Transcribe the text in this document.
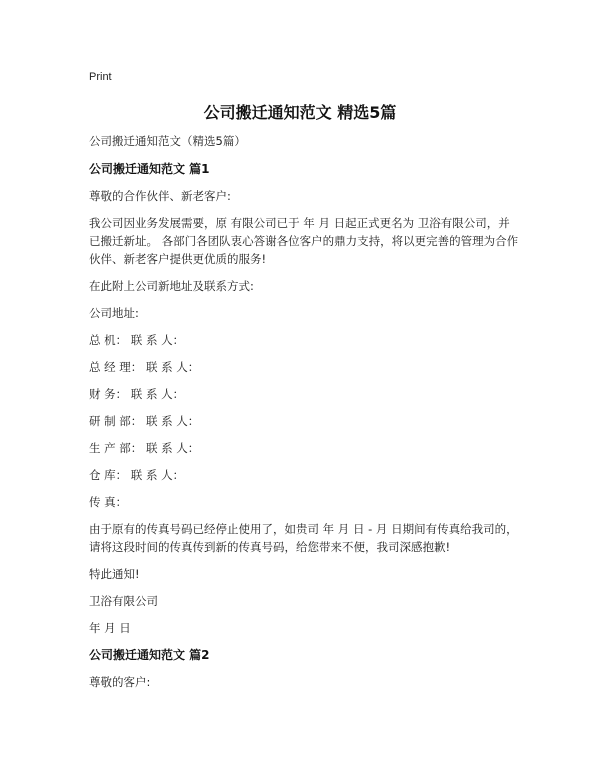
Print
公司搬迁通知范文 精选5篇

公司搬迁通知范文（精选5篇）

公司搬迁通知范文 篇1

尊敬的合作伙伴、新老客户:

我公司因业务发展需要，原 有限公司已于 年 月 日起正式更名为 卫浴有限公司，并已搬迁新址。 各部门各团队衷心答谢各位客户的鼎力支持，将以更完善的管理为合作伙伴、新老客户提供更优质的服务!

在此附上公司新地址及联系方式:

公司地址:

总 机： 联 系 人：

总 经 理： 联 系 人：

财 务： 联 系 人：

研 制 部： 联 系 人：

生 产 部： 联 系 人：

仓 库： 联 系 人：

传 真：

由于原有的传真号码已经停止使用了，如贵司 年 月 日 - 月 日期间有传真给我司的，请将这段时间的传真传到新的传真号码，给您带来不便，我司深感抱歉!

特此通知!

卫浴有限公司

年 月 日

公司搬迁通知范文 篇2

尊敬的客户:
